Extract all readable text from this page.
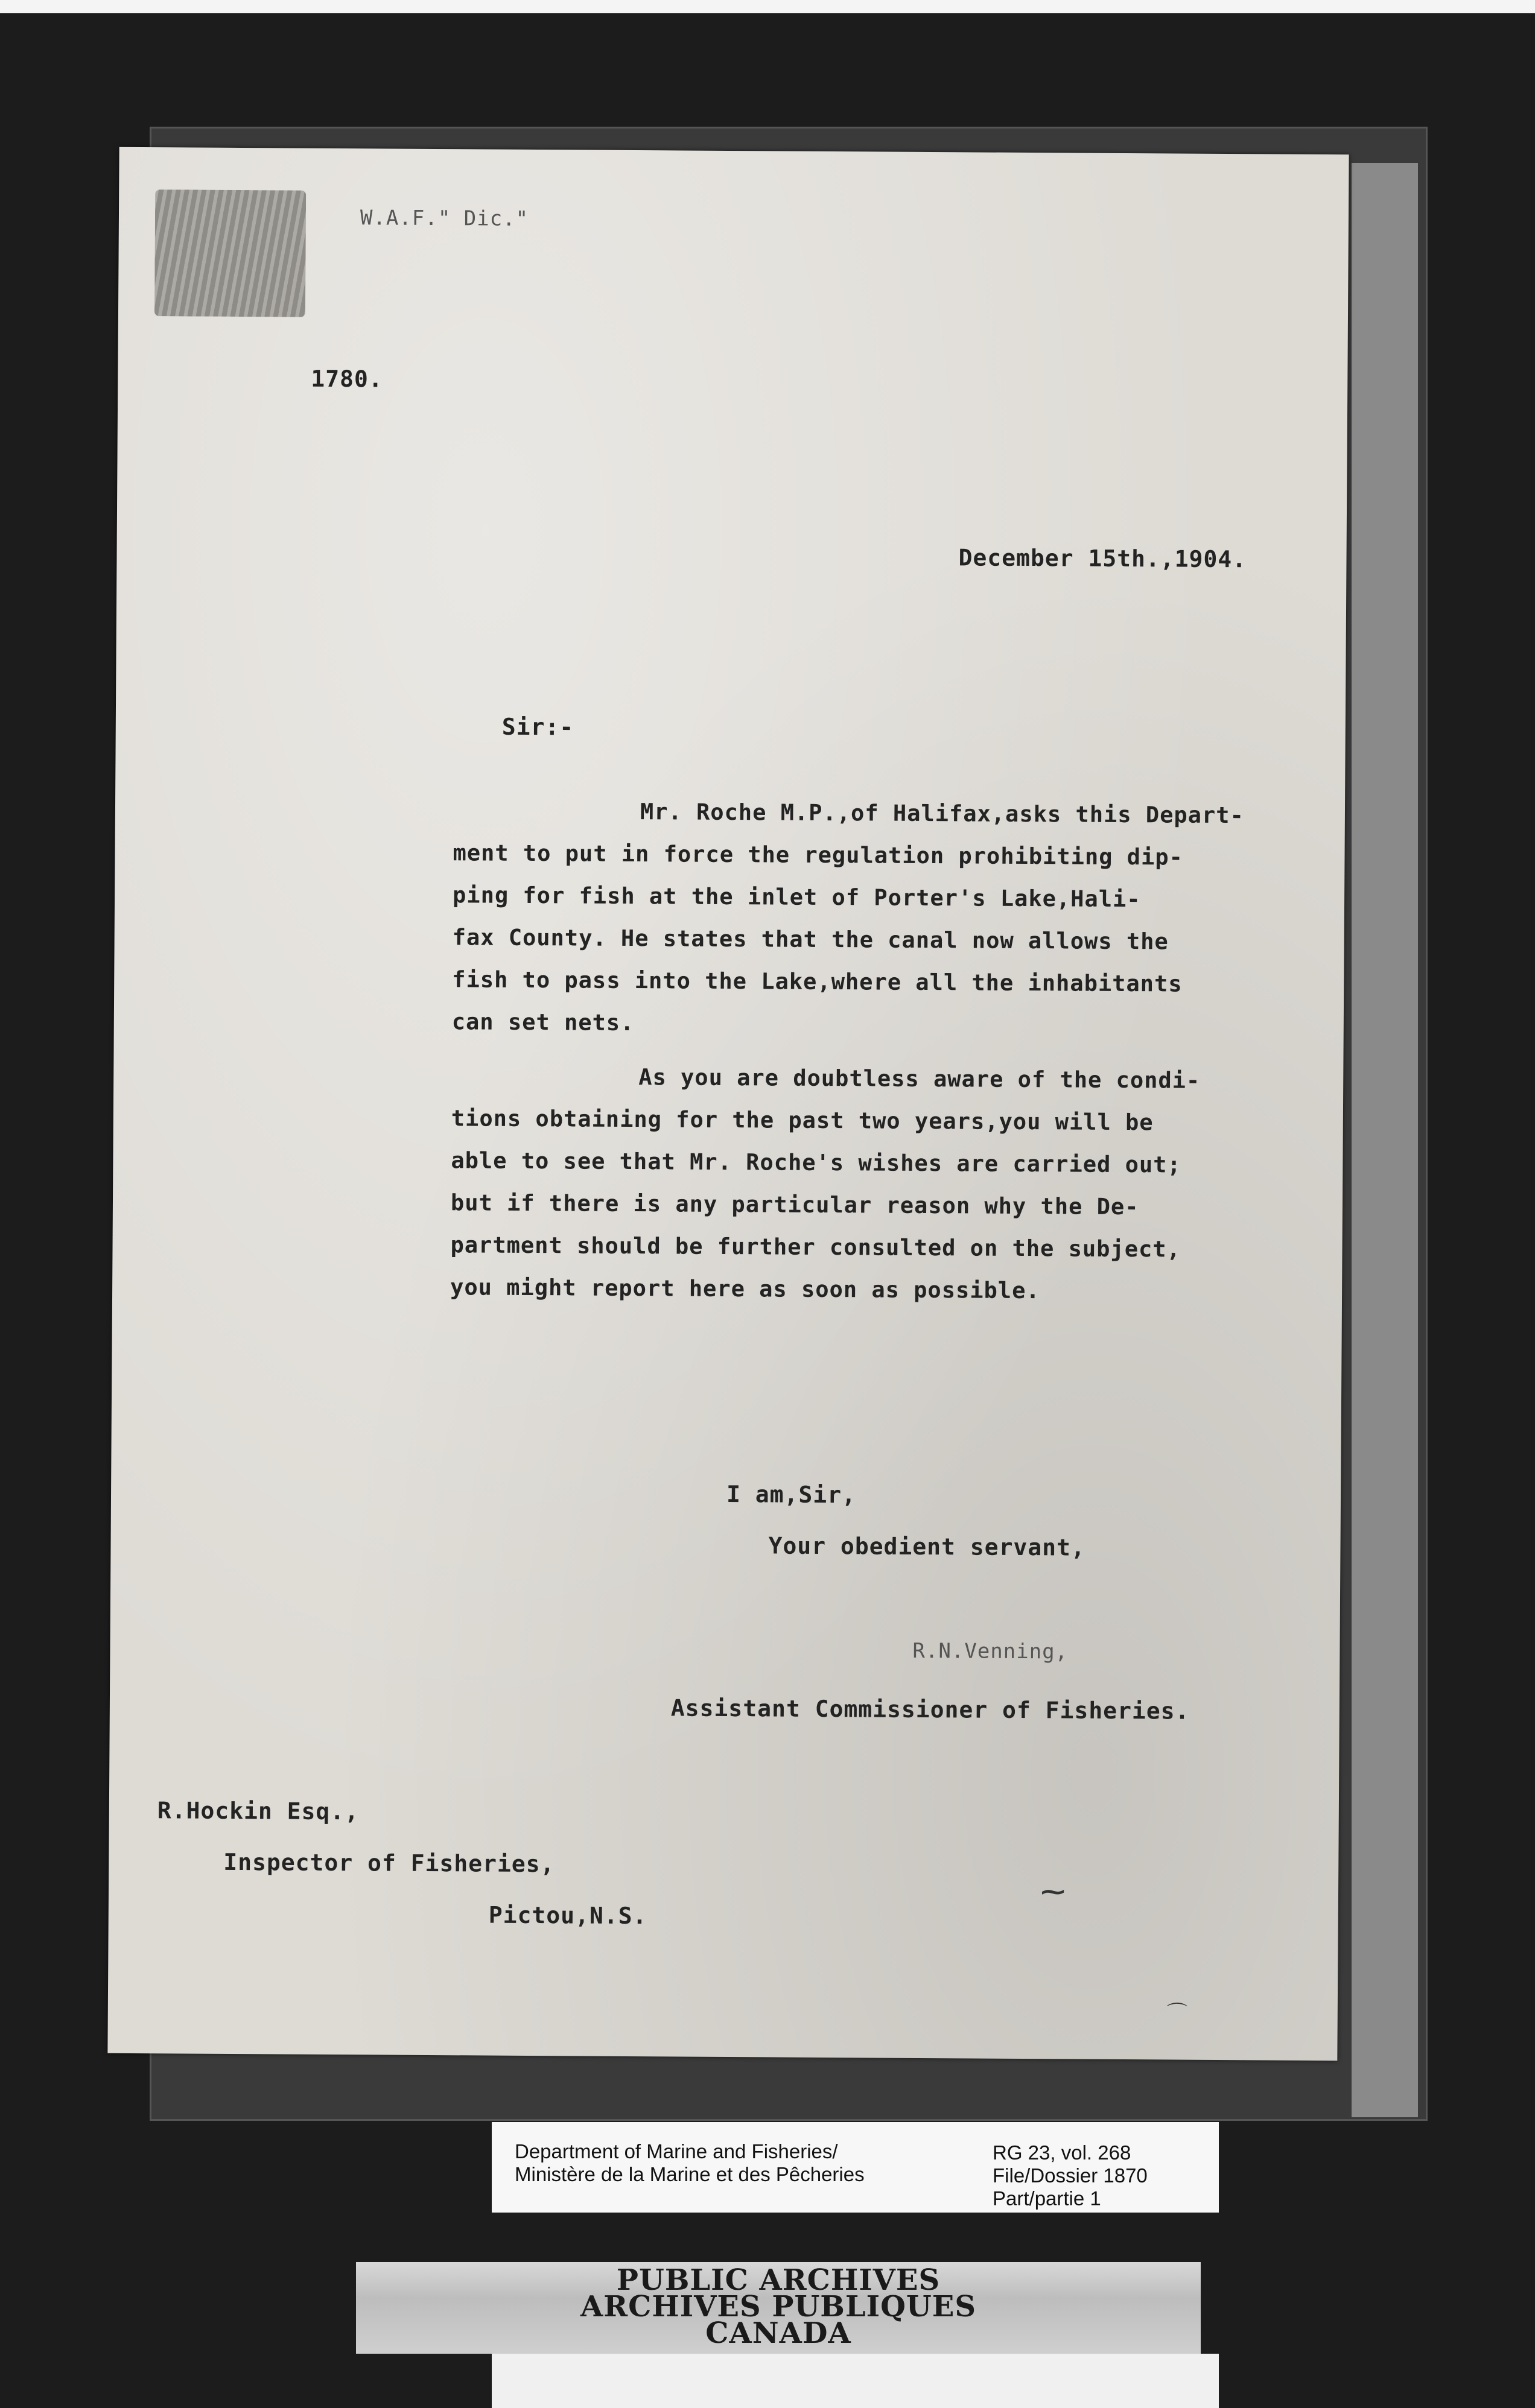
W.A.F." Dic."
1780.
December 15th.,1904.
Sir:-
Mr. Roche M.P.,of Halifax,asks this Depart-
ment to put in force the regulation prohibiting dip-
ping for fish at the inlet of Porter's Lake,Hali-
fax County. He states that the canal now allows the
fish to pass into the Lake,where all the inhabitants
can set nets.
As you are doubtless aware of the condi-
tions obtaining for the past two years,you will be
able to see that Mr. Roche's wishes are carried out;
but if there is any particular reason why the De-
partment should be further consulted on the subject,
you might report here as soon as possible.
I am,Sir,
Your obedient servant,
R.N.Venning,
Assistant Commissioner of Fisheries.
R.Hockin Esq.,
Inspector of Fisheries,
Pictou,N.S.
⁓
⌒
Department of Marine and Fisheries/
Ministère de la Marine et des Pêcheries
RG 23, vol. 268
File/Dossier 1870
Part/partie 1
PUBLIC ARCHIVES
ARCHIVES PUBLIQUES
CANADA
